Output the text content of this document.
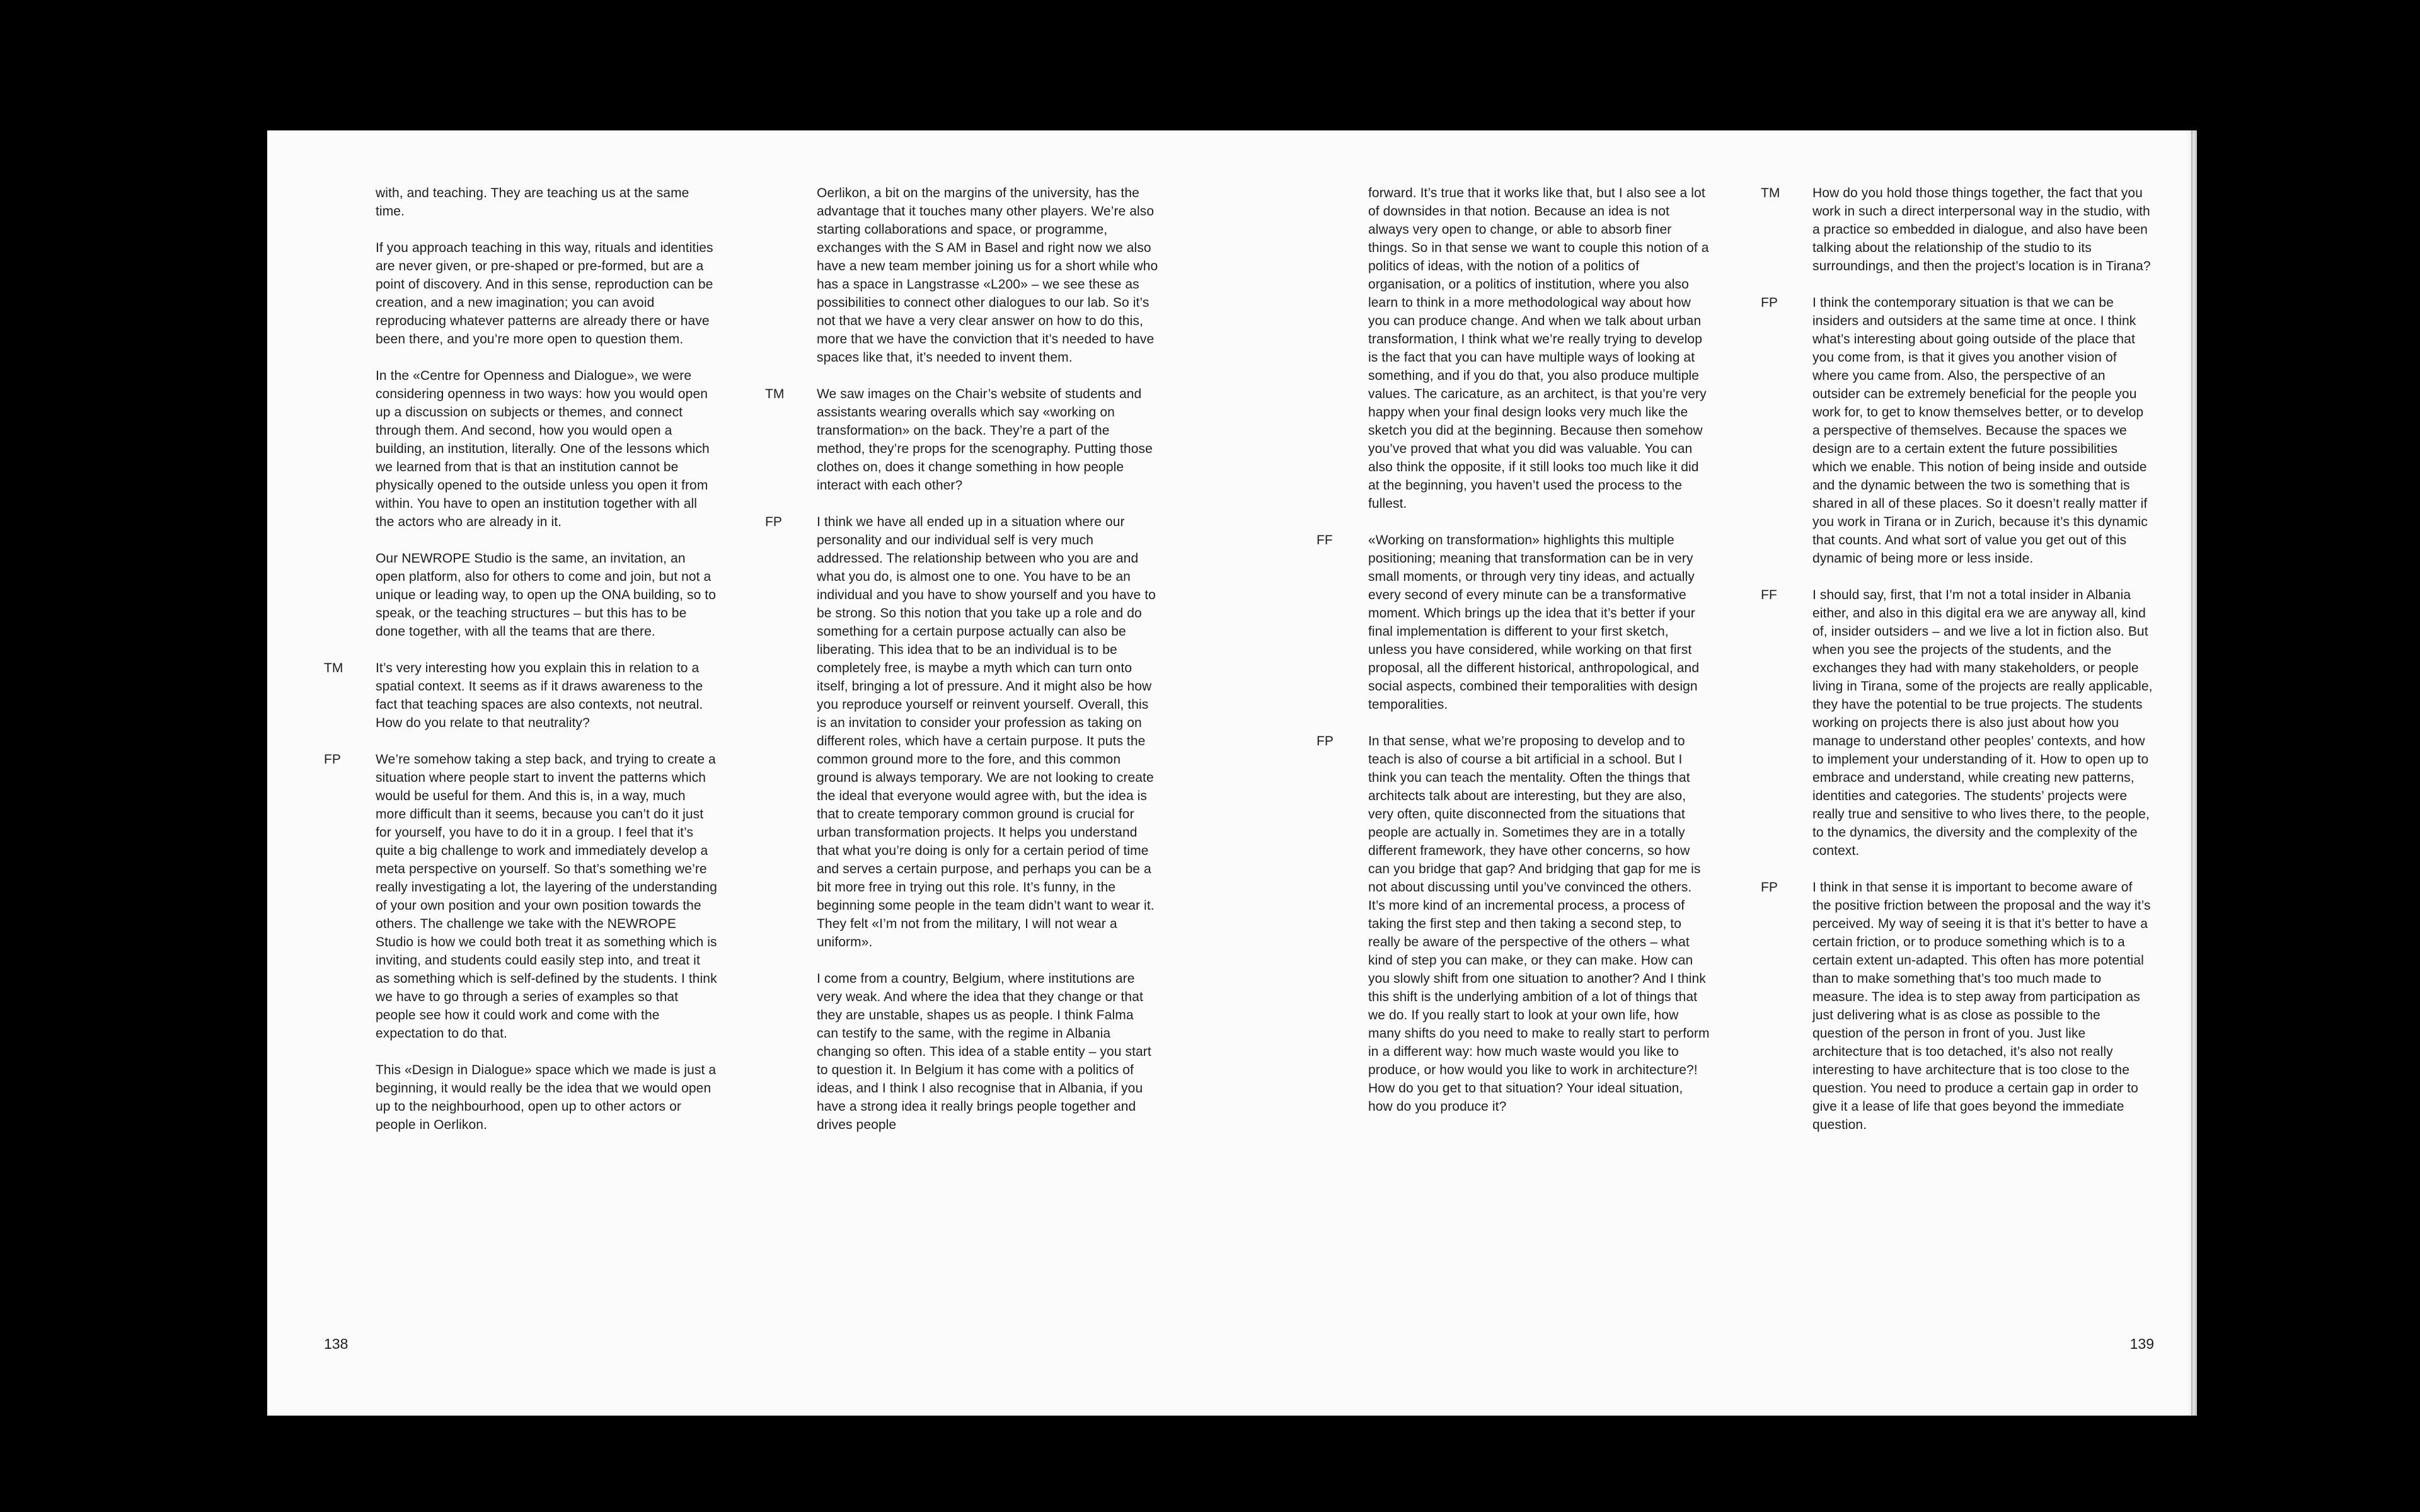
with, and teaching. They are teaching us at the same time.

If you approach teaching in this way, rituals and identities are never given, or pre-shaped or pre-formed, but are a point of discovery. And in this sense, reproduction can be creation, and a new imagination; you can avoid reproducing whatever patterns are already there or have been there, and you’re more open to question them.

In the «Centre for Openness and Dialogue», we were considering openness in two ways: how you would open up a discussion on subjects or themes, and connect through them. And second, how you would open a building, an institution, literally. One of the lessons which we learned from that is that an institution cannot be physically opened to the outside unless you open it from within. You have to open an institution together with all the actors who are already in it.

Our NEWROPE Studio is the same, an invitation, an open platform, also for others to come and join, but not a unique or leading way, to open up the ONA building, so to speak, or the teaching structures – but this has to be done together, with all the teams that are there.

TM	It’s very interesting how you explain this in relation to a spatial context. It seems as if it draws awareness to the fact that teaching spaces are also contexts, not neutral. How do you relate to that neutrality?

FP	We’re somehow taking a step back, and trying to create a situation where people start to invent the patterns which would be useful for them. And this is, in a way, much more difficult than it seems, because you can’t do it just for yourself, you have to do it in a group. I feel that it’s quite a big challenge to work and immediately develop a meta perspective on yourself. So that’s something we’re really investigating a lot, the layering of the understanding of your own position and your own position towards the others. The challenge we take with the NEWROPE Studio is how we could both treat it as something which is inviting, and students could easily step into, and treat it as something which is self-defined by the students. I think we have to go through a series of examples so that people see how it could work and come with the expectation to do that.

This «Design in Dialogue» space which we made is just a beginning, it would really be the idea that we would open up to the neighbourhood, open up to other actors or people in Oerlikon.

Oerlikon, a bit on the margins of the university, has the advantage that it touches many other players. We’re also starting collaborations and space, or programme, exchanges with the S AM in Basel and right now we also have a new team member joining us for a short while who has a space in Langstrasse «L200» – we see these as possibilities to connect other dialogues to our lab. So it’s not that we have a very clear answer on how to do this, more that we have the conviction that it’s needed to have spaces like that, it’s needed to invent them.

TM	We saw images on the Chair’s website of students and assistants wearing overalls which say «working on transformation» on the back. They’re a part of the method, they’re props for the scenography. Putting those clothes on, does it change something in how people interact with each other?

FP	I think we have all ended up in a situation where our personality and our individual self is very much addressed. The relationship between who you are and what you do, is almost one to one. You have to be an individual and you have to show yourself and you have to be strong. So this notion that you take up a role and do something for a certain purpose actually can also be liberating. This idea that to be an individual is to be completely free, is maybe a myth which can turn onto itself, bringing a lot of pressure. And it might also be how you reproduce yourself or reinvent yourself. Overall, this is an invitation to consider your profession as taking on different roles, which have a certain purpose. It puts the common ground more to the fore, and this common ground is always temporary. We are not looking to create the ideal that everyone would agree with, but the idea is that to create temporary common ground is crucial for urban transformation projects. It helps you understand that what you’re doing is only for a certain period of time and serves a certain purpose, and perhaps you can be a bit more free in trying out this role. It’s funny, in the beginning some people in the team didn’t want to wear it. They felt «I’m not from the military, I will not wear a uniform».

I come from a country, Belgium, where institutions are very weak. And where the idea that they change or that they are unstable, shapes us as people. I think Falma can testify to the same, with the regime in Albania changing so often. This idea of a stable entity – you start to question it. In Belgium it has come with a politics of ideas, and I think I also recognise that in Albania, if you have a strong idea it really brings people together and drives people

forward. It’s true that it works like that, but I also see a lot of downsides in that notion. Because an idea is not always very open to change, or able to absorb finer things. So in that sense we want to couple this notion of a politics of ideas, with the notion of a politics of organisation, or a politics of institution, where you also learn to think in a more methodological way about how you can produce change. And when we talk about urban transformation, I think what we’re really trying to develop is the fact that you can have multiple ways of looking at something, and if you do that, you also produce multiple values. The caricature, as an architect, is that you’re very happy when your final design looks very much like the sketch you did at the beginning. Because then somehow you’ve proved that what you did was valuable. You can also think the opposite, if it still looks too much like it did at the beginning, you haven’t used the process to the fullest.

FF	«Working on transformation» highlights this multiple positioning; meaning that transformation can be in very small moments, or through very tiny ideas, and actually every second of every minute can be a transformative moment. Which brings up the idea that it’s better if your final implementation is different to your first sketch, unless you have considered, while working on that first proposal, all the different historical, anthropological, and social aspects, combined their temporalities with design temporalities.

FP	In that sense, what we’re proposing to develop and to teach is also of course a bit artificial in a school. But I think you can teach the mentality. Often the things that architects talk about are interesting, but they are also, very often, quite disconnected from the situations that people are actually in. Sometimes they are in a totally different framework, they have other concerns, so how can you bridge that gap? And bridging that gap for me is not about discussing until you’ve convinced the others. It’s more kind of an incremental process, a process of taking the first step and then taking a second step, to really be aware of the perspective of the others – what kind of step you can make, or they can make. How can you slowly shift from one situation to another? And I think this shift is the underlying ambition of a lot of things that we do. If you really start to look at your own life, how many shifts do you need to make to really start to perform in a different way: how much waste would you like to produce, or how would you like to work in architecture?! How do you get to that situation? Your ideal situation, how do you produce it?

TM	How do you hold those things together, the fact that you work in such a direct interpersonal way in the studio, with a practice so embedded in dialogue, and also have been talking about the relationship of the studio to its surroundings, and then the project’s location is in Tirana?

FP	I think the contemporary situation is that we can be insiders and outsiders at the same time at once. I think what’s interesting about going outside of the place that you come from, is that it gives you another vision of where you came from. Also, the perspective of an outsider can be extremely beneficial for the people you work for, to get to know themselves better, or to develop a perspective of themselves. Because the spaces we design are to a certain extent the future possibilities which we enable. This notion of being inside and outside and the dynamic between the two is something that is shared in all of these places. So it doesn’t really matter if you work in Tirana or in Zurich, because it’s this dynamic that counts. And what sort of value you get out of this dynamic of being more or less inside.

FF	I should say, first, that I’m not a total insider in Albania either, and also in this digital era we are anyway all, kind of, insider outsiders – and we live a lot in fiction also. But when you see the projects of the students, and the exchanges they had with many stakeholders, or people living in Tirana, some of the projects are really applicable, they have the potential to be true projects. The students working on projects there is also just about how you manage to understand other peoples’ contexts, and how to implement your understanding of it. How to open up to embrace and understand, while creating new patterns, identities and categories. The students’ projects were really true and sensitive to who lives there, to the people, to the dynamics, the diversity and the complexity of the context.

FP	I think in that sense it is important to become aware of the positive friction between the proposal and the way it’s perceived. My way of seeing it is that it’s better to have a certain friction, or to produce something which is to a certain extent un-adapted. This often has more potential than to make something that’s too much made to measure. The idea is to step away from participation as just delivering what is as close as possible to the question of the person in front of you. Just like architecture that is too detached, it’s also not really interesting to have architecture that is too close to the question. You need to produce a certain gap in order to give it a lease of life that goes beyond the immediate question.

138	139
